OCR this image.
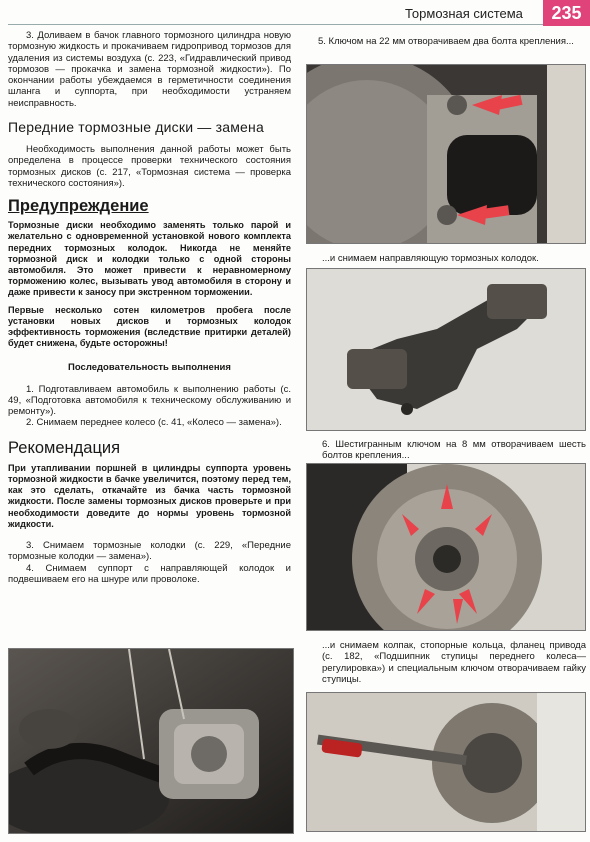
Тормозная система	235

3. Доливаем в бачок главного тормозного цилиндра новую тормозную жидкость и прокачиваем гидропривод тормозов для удаления из системы воздуха (с. 223, «Гидравлический привод тормозов — прокачка и замена тормозной жидкости»). По окончании работы убеждаемся в герметичности соединения шланга и суппорта, при необходимости устраняем неисправность.

Передние тормозные диски — замена

Необходимость выполнения данной работы может быть определена в процессе проверки технического состояния тормозных дисков (с. 217, «Тормозная система — проверка технического состояния»).

Предупреждение

Тормозные диски необходимо заменять только парой и желательно с одновременной установкой нового комплекта передних тормозных колодок. Никогда не меняйте тормозной диск и колодки только с одной стороны автомобиля. Это может привести к неравномерному торможению колес, вызывать увод автомобиля в сторону и даже привести к заносу при экстренном торможении.

Первые несколько сотен километров пробега после установки новых дисков и тормозных колодок эффективность торможения (вследствие притирки деталей) будет снижена, будьте осторожны!

Последовательность выполнения

1. Подготавливаем автомобиль к выполнению работы (с. 49, «Подготовка автомобиля к техническому обслуживанию и ремонту»).

2. Снимаем переднее колесо (с. 41, «Колесо — замена»).

Рекомендация

При утапливании поршней в цилиндры суппорта уровень тормозной жидкости в бачке увеличится, поэтому перед тем, как это сделать, откачайте из бачка часть тормозной жидкости. После замены тормозных дисков проверьте и при необходимости доведите до нормы уровень тормозной жидкости.

3. Снимаем тормозные колодки (с. 229, «Передние тормозные колодки — замена»).

4. Снимаем суппорт с направляющей колодок и подвешиваем его на шнуре или проволоке.

5. Ключом на 22 мм отворачиваем два болта крепления...

...и снимаем направляющую тормозных колодок.

6. Шестигранным ключом на 8 мм отворачиваем шесть болтов крепления...

...и снимаем колпак, стопорные кольца, фланец привода (с. 182, «Подшипник ступицы переднего колеса— регулировка») и специальным ключом отворачиваем гайку ступицы.
